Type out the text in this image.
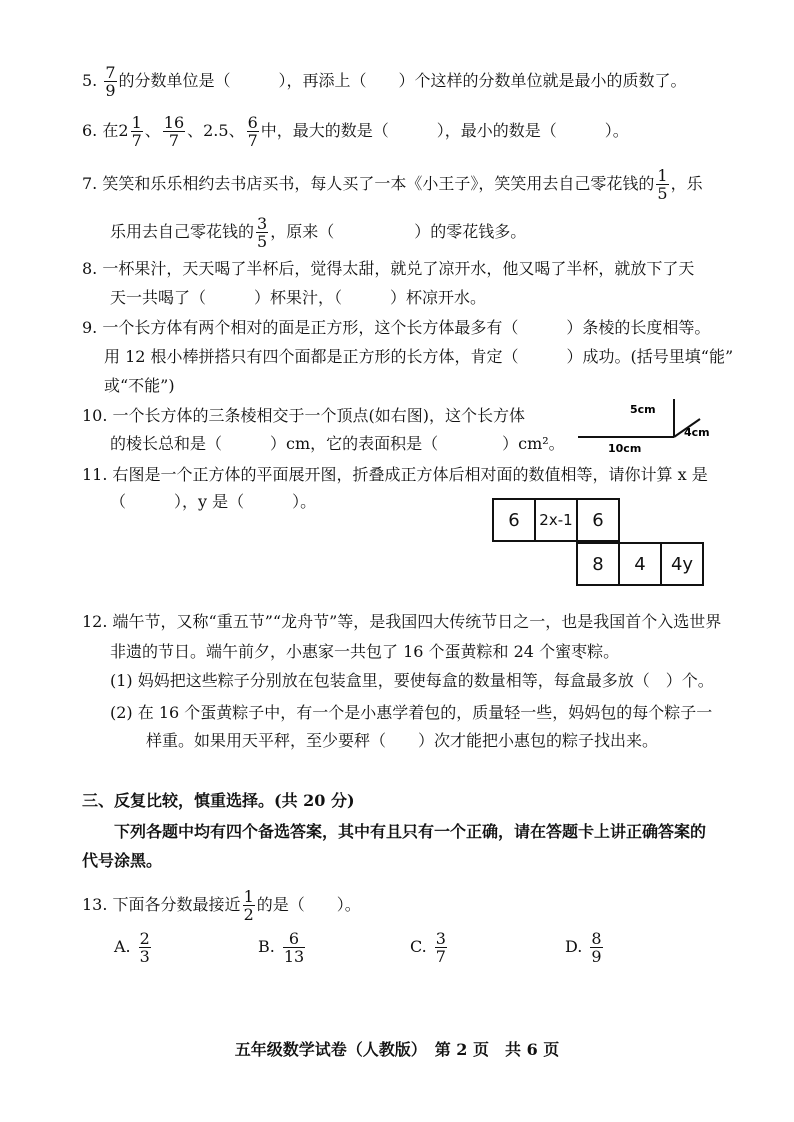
5. $\frac{7}{9}$ 的分数单位是（　　　），再添上（　　）个这样的分数单位就是最小的质数了。
6. 在$2 \frac{1}{7}$ 、 $\frac{16}{7}$ 、2.5、 $\frac{6}{7}$ 中，最大的数是（　　　），最小的数是（　　　）。
7. 笑笑和乐乐相约去书店买书，每人买了一本《小王子》，笑笑用去自己零花钱的 $\frac{1}{5}$ ，乐
乐用去自己零花钱的 $\frac{3}{5}$ ，原来（　　　　　）的零花钱多。
8. 一杯果汁，天天喝了半杯后，觉得太甜，就兑了凉开水，他又喝了半杯，就放下了天
天一共喝了（　　　）杯果汁，（　　　）杯凉开水。
9. 一个长方体有两个相对的面是正方形，这个长方体最多有（　　　）条棱的长度相等。
用 12 根小棒拼搭只有四个面都是正方形的长方体，肯定（　　　）成功。(括号里填“能”
或“不能”)
10. 一个长方体的三条棱相交于一个顶点(如右图)，这个长方体
的棱长总和是（　　　）cm，它的表面积是（　　　　）cm²。
5cm
10cm
4cm
11. 右图是一个正方体的平面展开图，折叠成正方体后相对面的数值相等，请你计算 x 是
（　　　），y 是（　　　）。
6	2x-1	6
8	4	4y
12. 端午节，又称“重五节”“龙舟节”等，是我国四大传统节日之一，也是我国首个入选世界
非遗的节日。端午前夕，小惠家一共包了 16 个蛋黄粽和 24 个蜜枣粽。
(1) 妈妈把这些粽子分别放在包装盒里，要使每盒的数量相等，每盒最多放（　）个。
(2) 在 16 个蛋黄粽子中，有一个是小惠学着包的，质量轻一些，妈妈包的每个粽子一
样重。如果用天平秤，至少要秤（　　）次才能把小惠包的粽子找出来。
三、反复比较，慎重选择。(共 20 分)
下列各题中均有四个备选答案，其中有且只有一个正确，请在答题卡上讲正确答案的
代号涂黑。
13. 下面各分数最接近 $\frac{1}{2}$ 的是（　　）。
A. $\frac{2}{3}$	B. $\frac{6}{13}$	C. $\frac{3}{7}$	D. $\frac{8}{9}$
五年级数学试卷（人教版）　第 2 页　共 6 页
